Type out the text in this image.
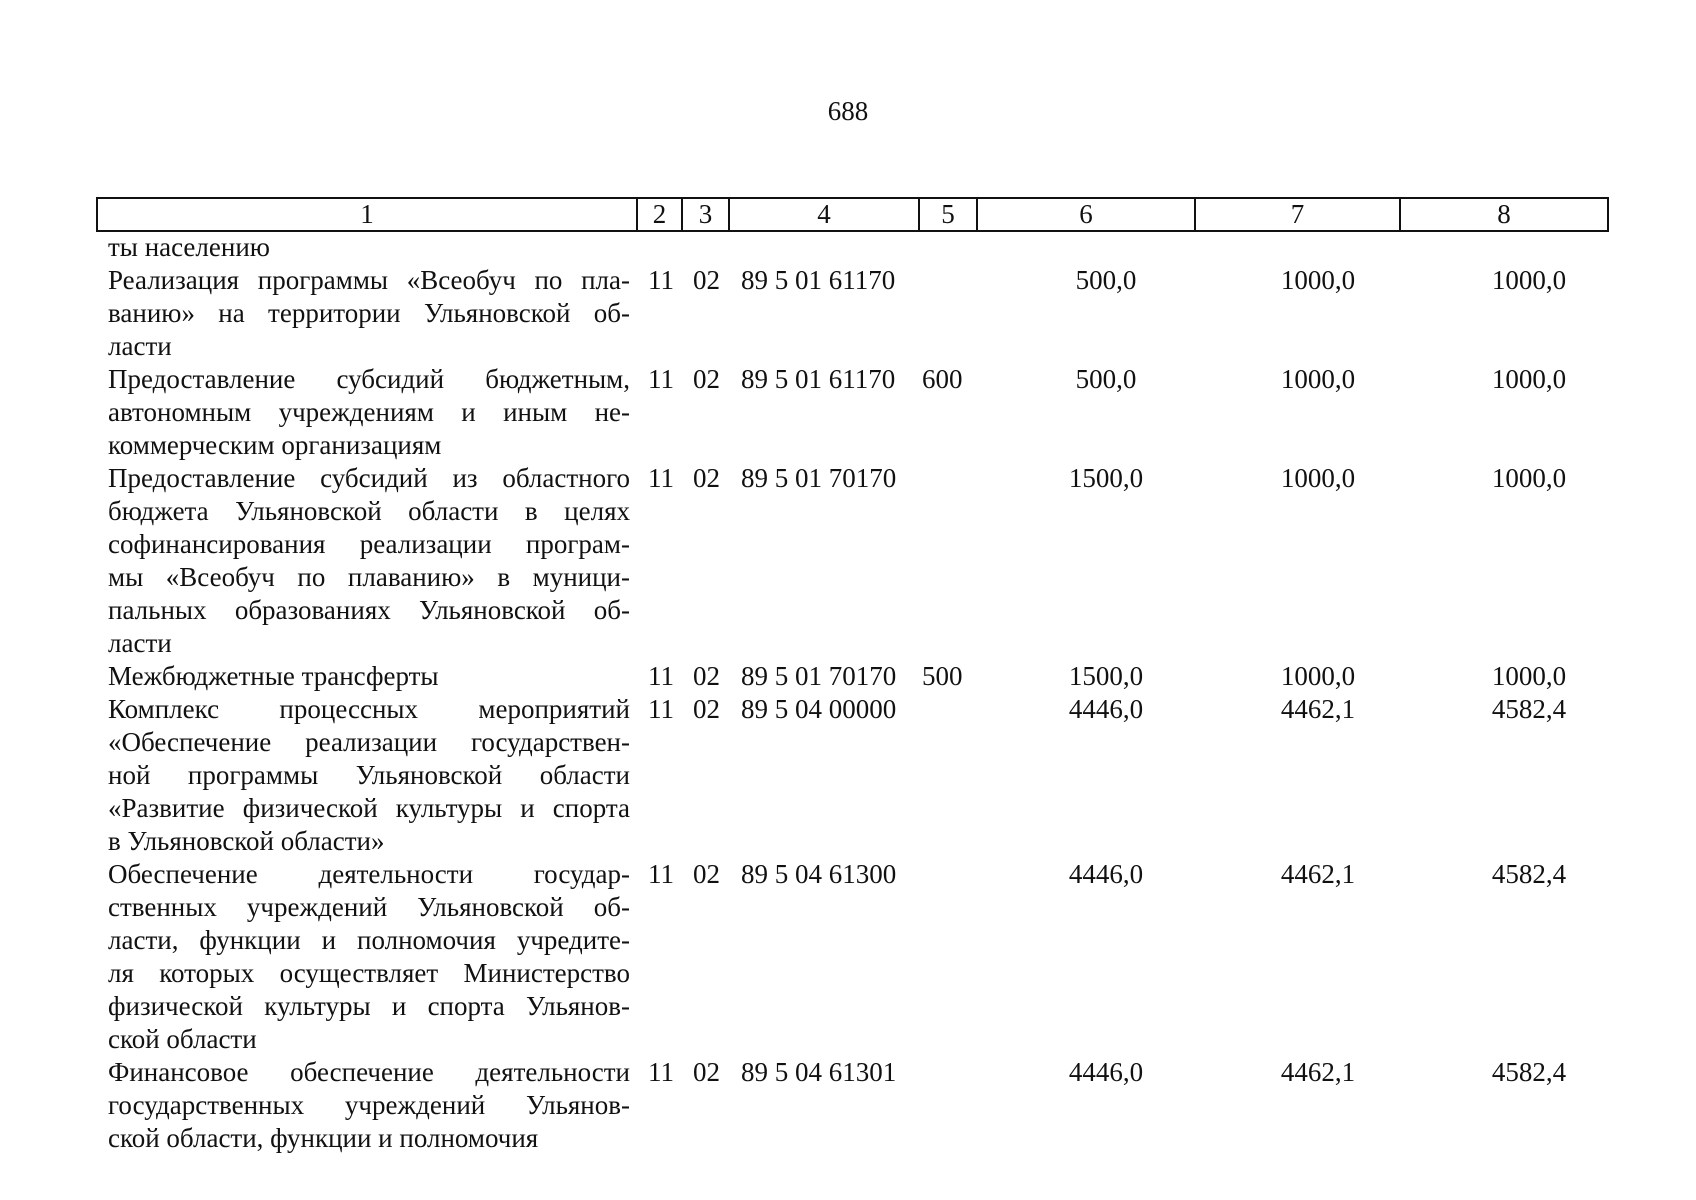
688
1	2	3	4	5	6	7	8
ты населению
Реализация программы «Всеобуч по пла-
ванию» на территории Ульяновской об-
ласти
11 02 89 5 01 61170	500,0	1000,0	1000,0
Предоставление субсидий бюджетным,
автономным учреждениям и иным не-
коммерческим организациям
11 02 89 5 01 61170 600	500,0	1000,0	1000,0
Предоставление субсидий из областного
бюджета Ульяновской области в целях
софинансирования реализации програм-
мы «Всеобуч по плаванию» в муници-
пальных образованиях Ульяновской об-
ласти
11 02 89 5 01 70170	1500,0	1000,0	1000,0
Межбюджетные трансферты	11 02 89 5 01 70170 500	1500,0	1000,0	1000,0
Комплекс процессных мероприятий
«Обеспечение реализации государствен-
ной программы Ульяновской области
«Развитие физической культуры и спорта
в Ульяновской области»
11 02 89 5 04 00000	4446,0	4462,1	4582,4
Обеспечение деятельности государ-
ственных учреждений Ульяновской об-
ласти, функции и полномочия учредите-
ля которых осуществляет Министерство
физической культуры и спорта Ульянов-
ской области
11 02 89 5 04 61300	4446,0	4462,1	4582,4
Финансовое обеспечение деятельности
государственных учреждений Ульянов-
ской области, функции и полномочия
11 02 89 5 04 61301	4446,0	4462,1	4582,4
